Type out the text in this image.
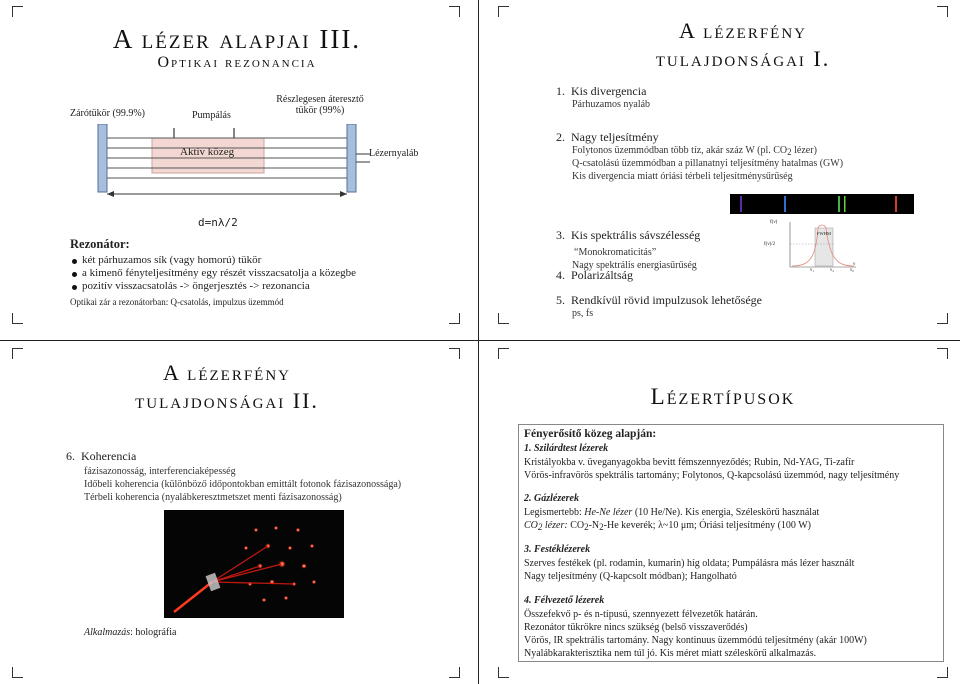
A lézer alapjai III.
Optikai rezonancia
Zárótükör (99.9%)	Pumpálás
Részlegesen áteresztő tükör (99%)
Aktív közeg	Lézernyaláb
d=nλ/2
Rezonátor:
két párhuzamos sík (vagy homorú) tükör
a kimenő fényteljesítmény egy részét visszacsatolja a közegbe
pozitív visszacsatolás -> öngerjesztés -> rezonancia
Optikai zár a rezonátorban: Q-csatolás, impulzus üzemmód
A lézerfény
tulajdonságai I.
1. Kis divergencia
Párhuzamos nyaláb
2. Nagy teljesítmény
Folytonos üzemmódban több tíz, akár száz W (pl. CO2 lézer)
Q-csatolású üzemmódban a pillanatnyi teljesítmény hatalmas (GW)
Kis divergencia miatt óriási térbeli teljesítménysűrűség
3. Kis spektrális sávszélesség
“Monokromaticitás”
Nagy spektrális energiasűrűség
f(ν)
f(ν)/2
FWHM
ν₁	ν₂	ν₀
ν
4. Polarizáltság
5. Rendkívül rövid impulzusok lehetősége
ps, fs
A lézerfény
tulajdonságai II.
6. Koherencia
fázisazonosság, interferenciaképesség
Időbeli koherencia (különböző időpontokban emittált fotonok fázisazonossága)
Térbeli koherencia (nyalábkeresztmetszet menti fázisazonosság)
Alkalmazás: holográfia
Lézertípusok
Fényerősítő közeg alapján:
1. Szilárdtest lézerek
Kristályokba v. üveganyagokba bevitt fémszennyeződés; Rubin, Nd-YAG, Ti-zafír
Vörös-infravörös spektrális tartomány; Folytonos, Q-kapcsolású üzemmód, nagy teljesítmény
2. Gázlézerek
Legismertebb: He-Ne lézer (10 He/Ne). Kis energia, Széleskörű használat
CO2 lézer: CO2-N2-He keverék; λ~10 μm; Óriási teljesítmény (100 W)
3. Festéklézerek
Szerves festékek (pl. rodamin, kumarin) híg oldata; Pumpálásra más lézer használt
Nagy teljesítmény (Q-kapcsolt módban); Hangolható
4. Félvezető lézerek
Összefekvő p- és n-típusú, szennyezett félvezetők határán.
Rezonátor tükrökre nincs szükség (belső visszaverődés)
Vörös, IR spektrális tartomány. Nagy kontinuus üzemmódú teljesítmény (akár 100W)
Nyalábkarakterisztika nem túl jó. Kis méret miatt széleskörű alkalmazás.
